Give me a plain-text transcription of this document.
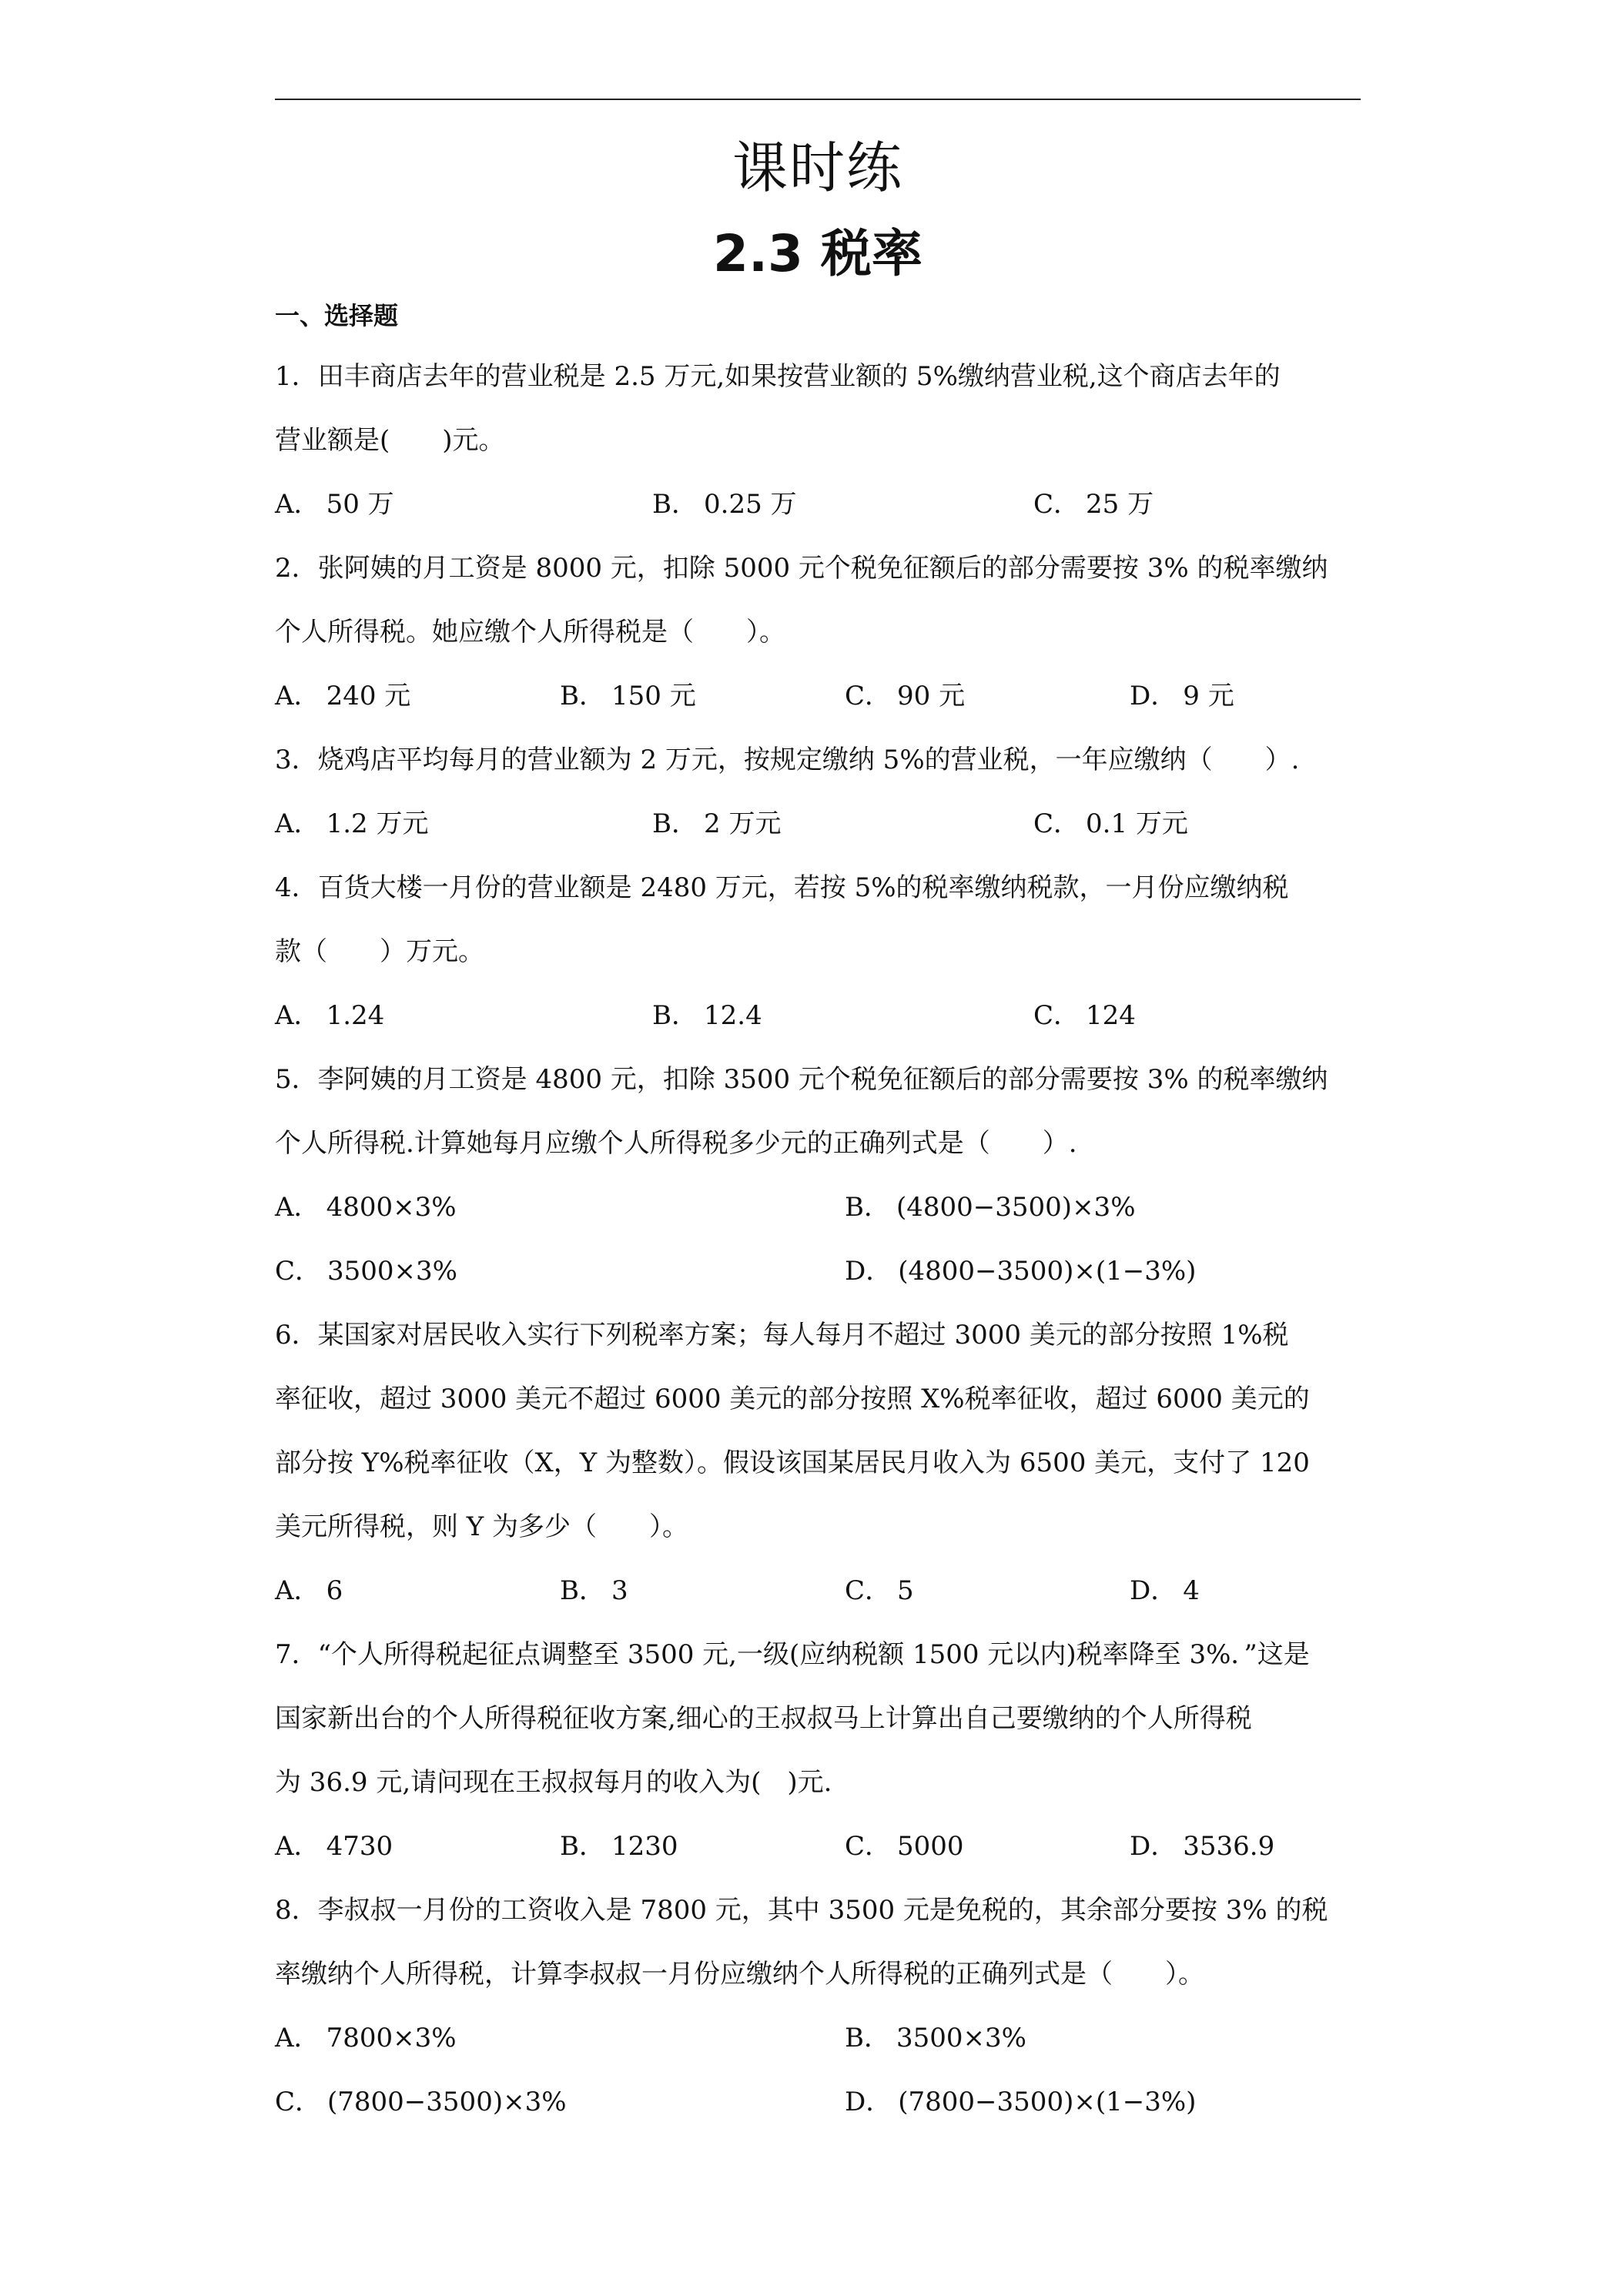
课时练
2.3 税率
一、选择题

1．田丰商店去年的营业税是 2.5 万元,如果按营业额的 5%缴纳营业税,这个商店去年的

营业额是(　　)元。

A． 50 万	B． 0.25 万	C． 25 万

2．张阿姨的月工资是 8000 元，扣除 5000 元个税免征额后的部分需要按 3% 的税率缴纳

个人所得税。她应缴个人所得税是（　　）。

A． 240 元	B． 150 元	C． 90 元	D． 9 元

3．烧鸡店平均每月的营业额为 2 万元，按规定缴纳 5%的营业税，一年应缴纳（　　）.

A． 1.2 万元	B． 2 万元	C． 0.1 万元

4．百货大楼一月份的营业额是 2480 万元，若按 5%的税率缴纳税款，一月份应缴纳税

款（　　）万元。

A． 1.24	B． 12.4	C． 124

5．李阿姨的月工资是 4800 元，扣除 3500 元个税免征额后的部分需要按 3% 的税率缴纳

个人所得税.计算她每月应缴个人所得税多少元的正确列式是（　　）.

A． 4800×3%	B． (4800−3500)×3%
C． 3500×3%	D． (4800−3500)×(1−3%)

6．某国家对居民收入实行下列税率方案；每人每月不超过 3000 美元的部分按照 1%税

率征收，超过 3000 美元不超过 6000 美元的部分按照 X%税率征收，超过 6000 美元的

部分按 Y%税率征收（X，Y 为整数）。假设该国某居民月收入为 6500 美元，支付了 120

美元所得税，则 Y 为多少（　　）。

A． 6	B． 3	C． 5	D． 4

7．“个人所得税起征点调整至 3500 元,一级(应纳税额 1500 元以内)税率降至 3%．”这是

国家新出台的个人所得税征收方案,细心的王叔叔马上计算出自己要缴纳的个人所得税

为 36.9 元,请问现在王叔叔每月的收入为(　)元.

A． 4730	B． 1230	C． 5000	D． 3536.9

8．李叔叔一月份的工资收入是 7800 元，其中 3500 元是免税的，其余部分要按 3% 的税

率缴纳个人所得税，计算李叔叔一月份应缴纳个人所得税的正确列式是（　　）。

A． 7800×3%	B． 3500×3%
C． (7800−3500)×3%	D． (7800−3500)×(1−3%)
